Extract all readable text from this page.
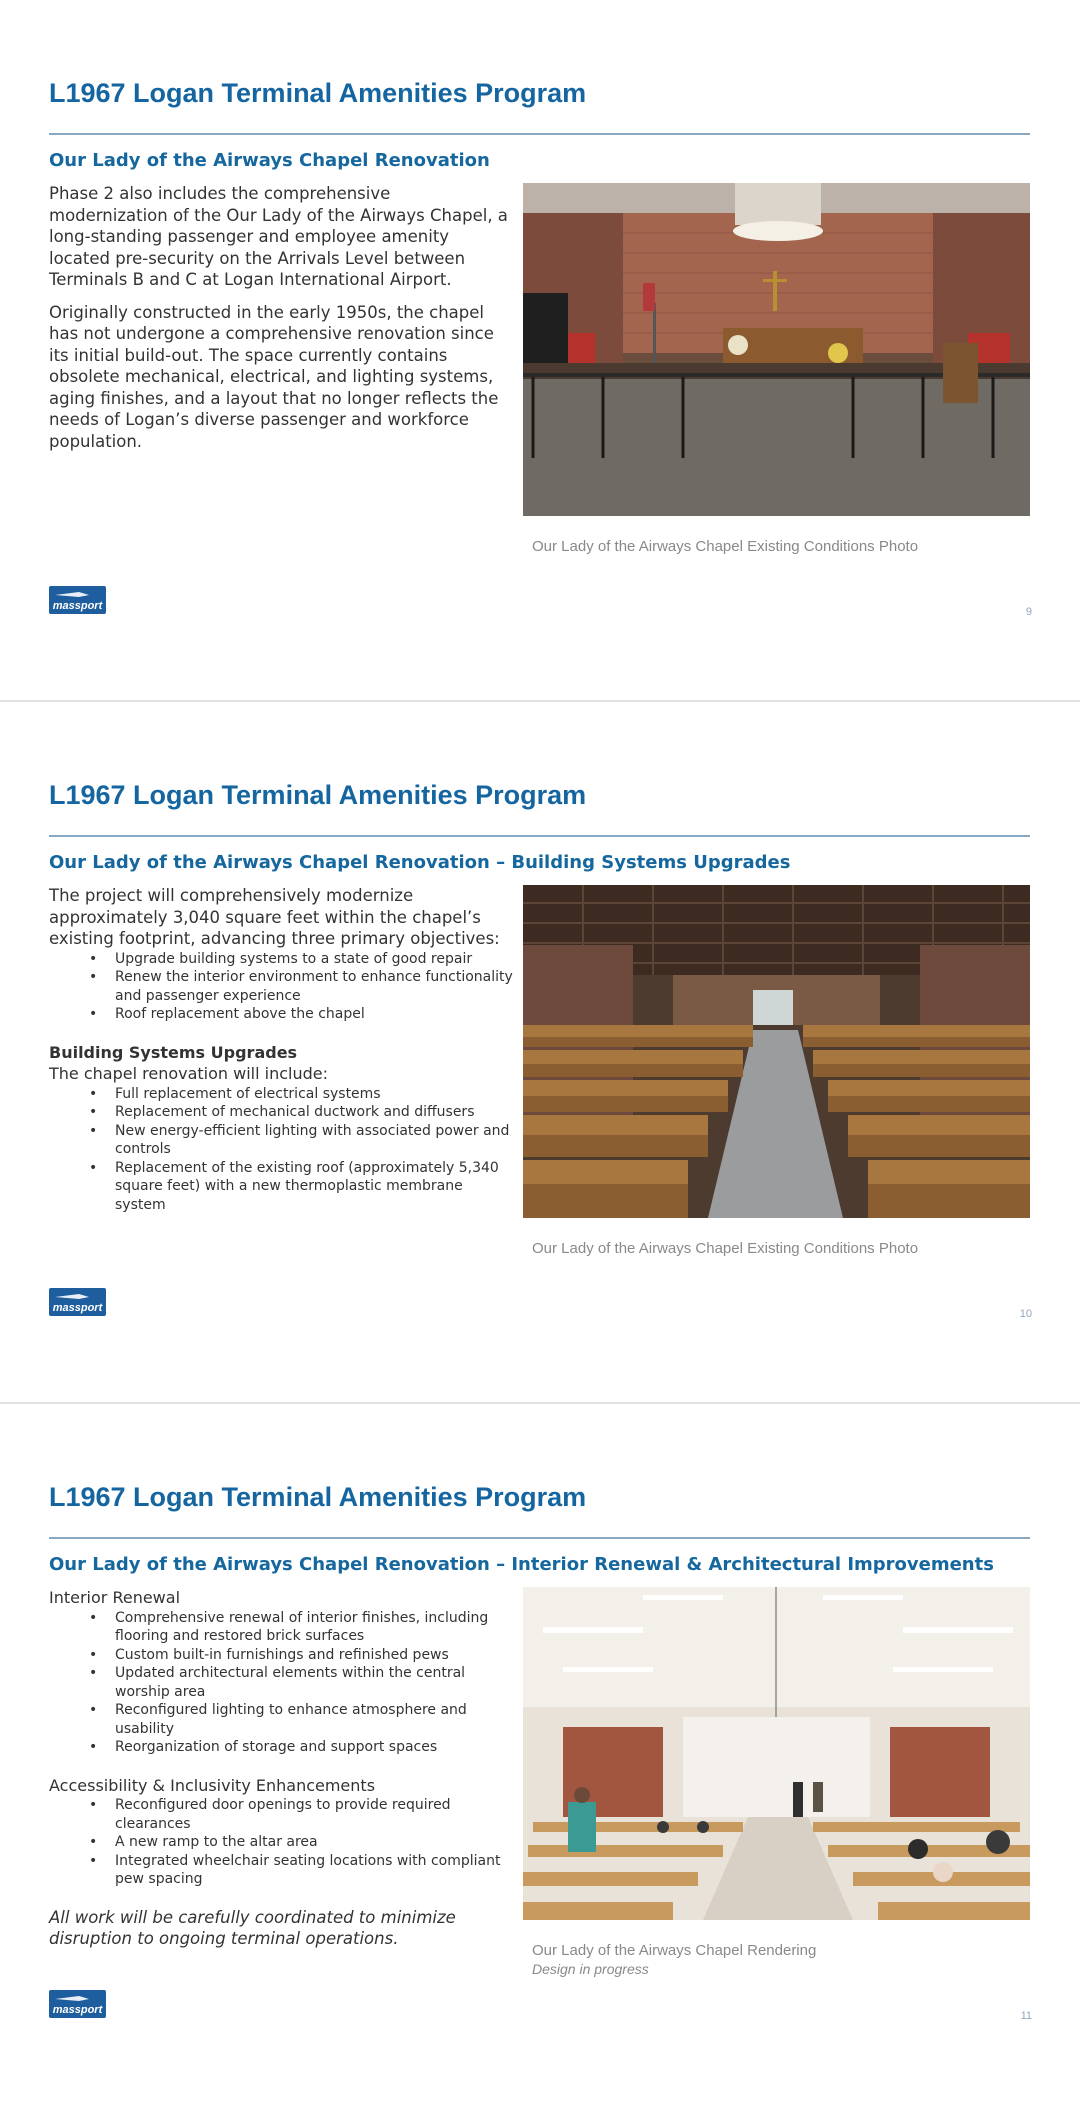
L1967 Logan Terminal Amenities Program
Our Lady of the Airways Chapel Renovation

Phase 2 also includes the comprehensive modernization of the Our Lady of the Airways Chapel, a long-standing passenger and employee amenity located pre-security on the Arrivals Level between Terminals B and C at Logan International Airport.

Originally constructed in the early 1950s, the chapel has not undergone a comprehensive renovation since its initial build-out. The space currently contains obsolete mechanical, electrical, and lighting systems, aging finishes, and a layout that no longer reflects the needs of Logan’s diverse passenger and workforce population.

Our Lady of the Airways Chapel Existing Conditions Photo
massport	9
L1967 Logan Terminal Amenities Program
Our Lady of the Airways Chapel Renovation – Building Systems Upgrades

The project will comprehensively modernize approximately 3,040 square feet within the chapel’s existing footprint, advancing three primary objectives:

• Upgrade building systems to a state of good repair
• Renew the interior environment to enhance functionality and passenger experience
• Roof replacement above the chapel

Building Systems Upgrades

The chapel renovation will include:

• Full replacement of electrical systems
• Replacement of mechanical ductwork and diffusers
• New energy-efficient lighting with associated power and controls
• Replacement of the existing roof (approximately 5,340 square feet) with a new thermoplastic membrane system
Our Lady of the Airways Chapel Existing Conditions Photo
massport	10
L1967 Logan Terminal Amenities Program
Our Lady of the Airways Chapel Renovation – Interior Renewal & Architectural Improvements

Interior Renewal

• Comprehensive renewal of interior finishes, including flooring and restored brick surfaces
• Custom built-in furnishings and refinished pews
• Updated architectural elements within the central worship area
• Reconfigured lighting to enhance atmosphere and usability
• Reorganization of storage and support spaces

Accessibility & Inclusivity Enhancements

• Reconfigured door openings to provide required clearances
• A new ramp to the altar area
• Integrated wheelchair seating locations with compliant pew spacing

All work will be carefully coordinated to minimize disruption to ongoing terminal operations.

Our Lady of the Airways Chapel Rendering
Design in progress
massport	11
